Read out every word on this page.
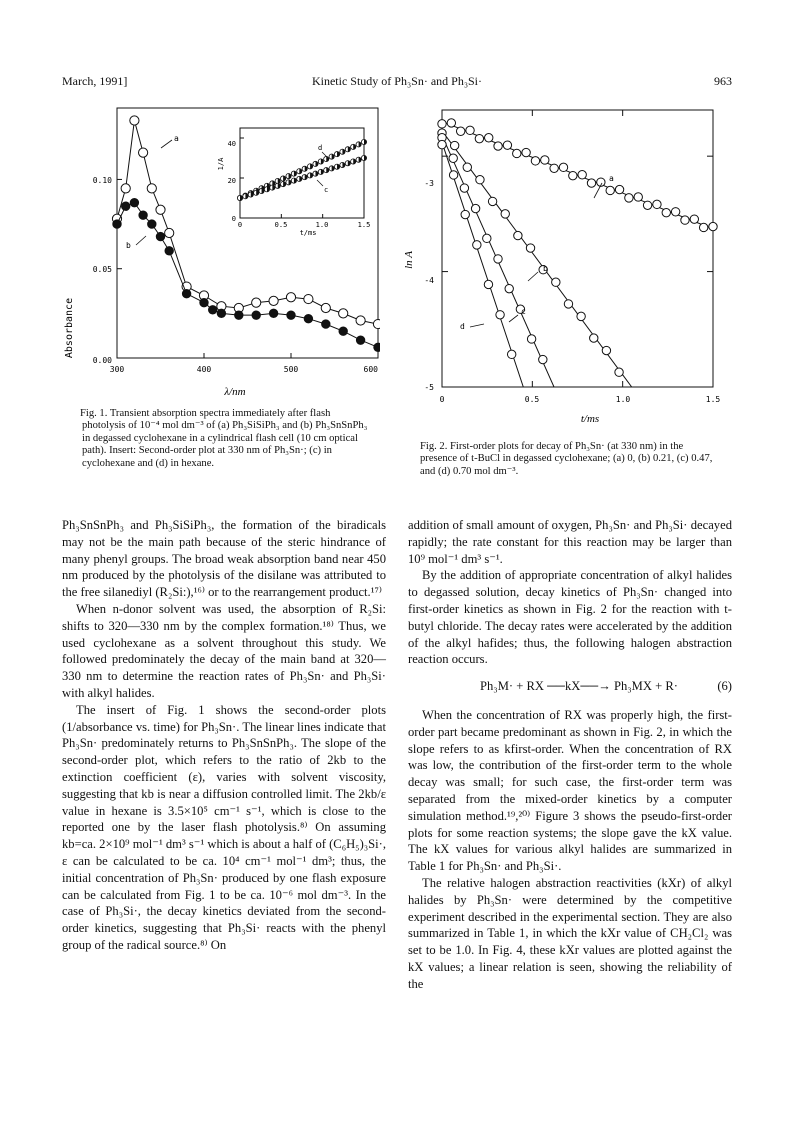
March, 1991]	Kinetic Study of Ph₃Sn· and Ph₃Si·	963
Absorbance
λ/nm
300	400	500	600
0.00
0.05
0.10
a
b
1/A
t/ms
0	0.5	1.0	1.5
0
20
40	d
c
ln A
t/ms
0	0.5	1.0	1.5
-3
-4
-5
a
b
c
d
Fig. 1. Transient absorption spectra immediately after flash photolysis of 10⁻⁴ mol dm⁻³ of (a) Ph₃SiSiPh₃ and (b) Ph₃SnSnPh₃ in degassed cyclohexane in a cylindrical flash cell (10 cm optical path). Insert: Second-order plot at 330 nm of Ph₃Sn·; (c) in cyclohexane and (d) in hexane.
Fig. 2. First-order plots for decay of Ph₃Sn· (at 330 nm) in the presence of t-BuCl in degassed cyclohexane; (a) 0, (b) 0.21, (c) 0.47, and (d) 0.70 mol dm⁻³.

Ph₃SnSnPh₃ and Ph₃SiSiPh₃, the formation of the biradicals may not be the main path because of the steric hindrance of many phenyl groups. The broad weak absorption band near 450 nm produced by the photolysis of the disilane was attributed to the free silanediyl (R₂Si:),¹⁶⁾ or to the rearrangement product.¹⁷⁾

When n-donor solvent was used, the absorption of R₂Si: shifts to 320—330 nm by the complex formation.¹⁸⁾ Thus, we used cyclohexane as a solvent throughout this study. We followed predominately the decay of the main band at 320—330 nm to determine the reaction rates of Ph₃Sn· and Ph₃Si· with alkyl halides.

The insert of Fig. 1 shows the second-order plots (1/absorbance vs. time) for Ph₃Sn·. The linear lines indicate that Ph₃Sn· predominately returns to Ph₃SnSnPh₃. The slope of the second-order plot, which refers to the ratio of 2kb to the extinction coefficient (ε), varies with solvent viscosity, suggesting that kb is near a diffusion controlled limit. The 2kb/ε value in hexane is 3.5×10⁵ cm⁻¹ s⁻¹, which is close to the reported one by the laser flash photolysis.⁸⁾ On assuming kb=ca. 2×10⁹ mol⁻¹ dm³ s⁻¹ which is about a half of (C₆H₅)₃Si·, ε can be calculated to be ca. 10⁴ cm⁻¹ mol⁻¹ dm³; thus, the initial concentration of Ph₃Sn· produced by one flash exposure can be calculated from Fig. 1 to be ca. 10⁻⁶ mol dm⁻³. In the case of Ph₃Si·, the decay kinetics deviated from the second-order kinetics, suggesting that Ph₃Si· reacts with the phenyl group of the radical source.⁸⁾ On

addition of small amount of oxygen, Ph₃Sn· and Ph₃Si· decayed rapidly; the rate constant for this reaction may be larger than 10⁹ mol⁻¹ dm³ s⁻¹.

By the addition of appropriate concentration of alkyl halides to degassed solution, decay kinetics of Ph₃Sn· changed into first-order kinetics as shown in Fig. 2 for the reaction with t-butyl chloride. The decay rates were accelerated by the addition of the alkyl hafides; thus, the following halogen abstraction reaction occurs.

Ph₃M· + RX ──kX──→ Ph₃MX + R·	(6)

When the concentration of RX was properly high, the first-order part became predominant as shown in Fig. 2, in which the slope refers to as kfirst-order. When the concentration of RX was low, the contribution of the first-order term to the whole decay was small; for such case, the first-order term was separated from the mixed-order kinetics by a computer simulation method.¹⁹,²⁰⁾ Figure 3 shows the pseudo-first-order plots for some reaction systems; the slope gave the kX value. The kX values for various alkyl halides are summarized in Table 1 for Ph₃Sn· and Ph₃Si·.

The relative halogen abstraction reactivities (kXr) of alkyl halides by Ph₃Sn· were determined by the competitive experiment described in the experimental section. They are also summarized in Table 1, in which the kXr value of CH₂Cl₂ was set to be 1.0. In Fig. 4, these kXr values are plotted against the kX values; a linear relation is seen, showing the reliability of the
